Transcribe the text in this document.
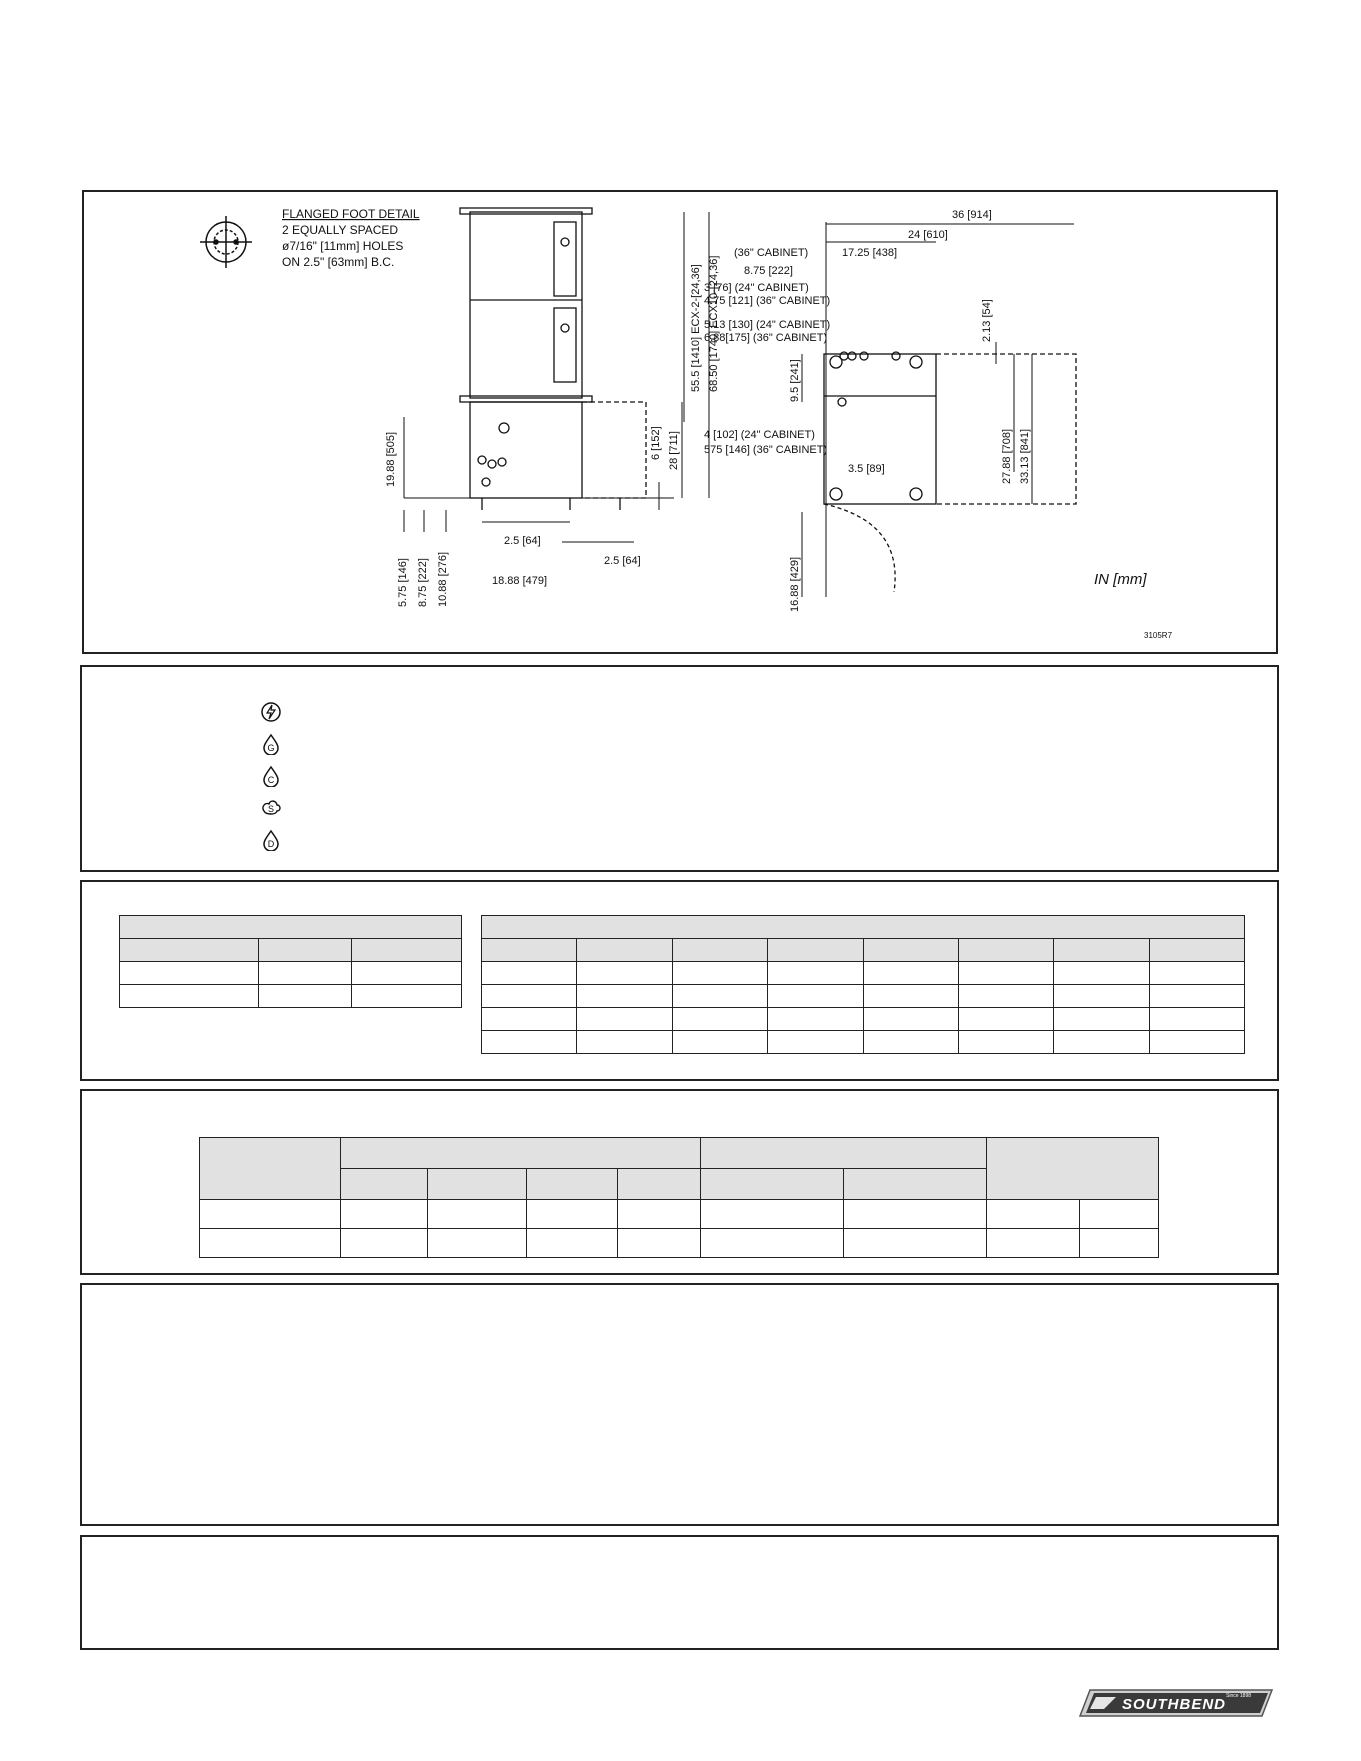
FLANGED FOOT DETAIL
2 EQUALLY SPACED
ø7/16" [11mm] HOLES
ON 2.5" [63mm] B.C.
55.5 [1410] ECX-2-[24,36] 68.50 [1740] ECX10-[24,36]
6 [152] 28 [711]
19.88 [505]
5.75 [146] 8.75 [222] 10.88 [276]
2.5 [64]
2.5 [64]
18.88 [479]
36 [914]
24 [610]
17.25 [438]
(36" CABINET)
8.75 [222]
3 [76] (24" CABINET)
4.75 [121] (36" CABINET)
5.13 [130] (24" CABINET)
6.88[175] (36" CABINET)	2.13 [54]
9.5 [241]
27.88 [708] 33.13 [841]
4 [102] (24" CABINET)
575 [146] (36" CABINET)
3.5 [89]
16.88 [429]	IN [mm]
3105R7
G
C
S
D

SOUTHBEND Since 1898
